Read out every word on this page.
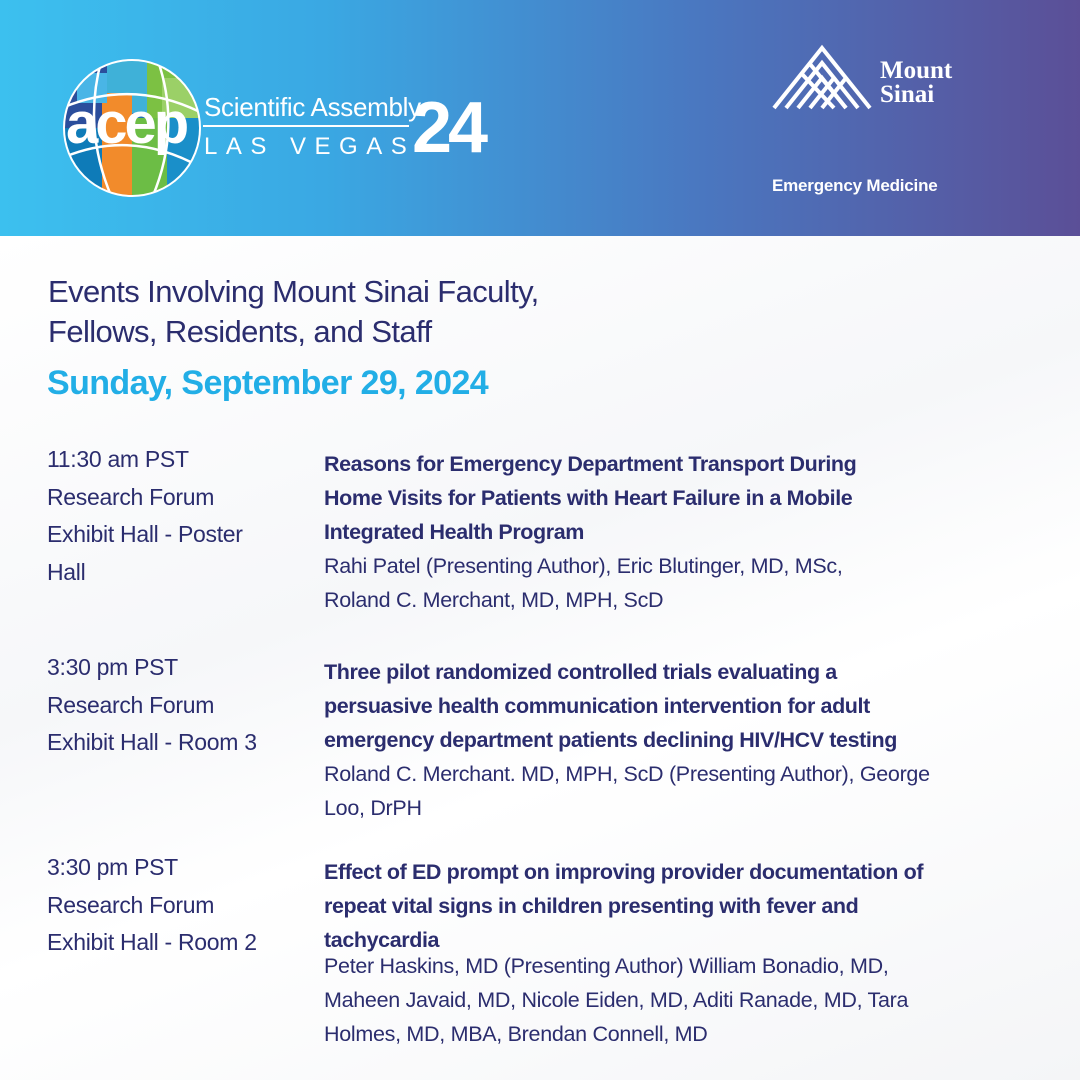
acep Scientific Assembly
LAS VEGAS
24
Mount
Sinai
Emergency Medicine
Events Involving Mount Sinai Faculty,
Fellows, Residents, and Staff
Sunday, September 29, 2024
11:30 am PST
Research Forum
Exhibit Hall - Poster
Hall
Reasons for Emergency Department Transport During
Home Visits for Patients with Heart Failure in a Mobile
Integrated Health Program
Rahi Patel (Presenting Author), Eric Blutinger, MD, MSc,
Roland C. Merchant, MD, MPH, ScD
3:30 pm PST
Research Forum
Exhibit Hall - Room 3
Three pilot randomized controlled trials evaluating a
persuasive health communication intervention for adult
emergency department patients declining HIV/HCV testing
Roland C. Merchant. MD, MPH, ScD (Presenting Author), George
Loo, DrPH
3:30 pm PST
Research Forum
Exhibit Hall - Room 2
Effect of ED prompt on improving provider documentation of
repeat vital signs in children presenting with fever and
tachycardia
Peter Haskins, MD (Presenting Author) William Bonadio, MD,
Maheen Javaid, MD, Nicole Eiden, MD, Aditi Ranade, MD, Tara
Holmes, MD, MBA, Brendan Connell, MD
